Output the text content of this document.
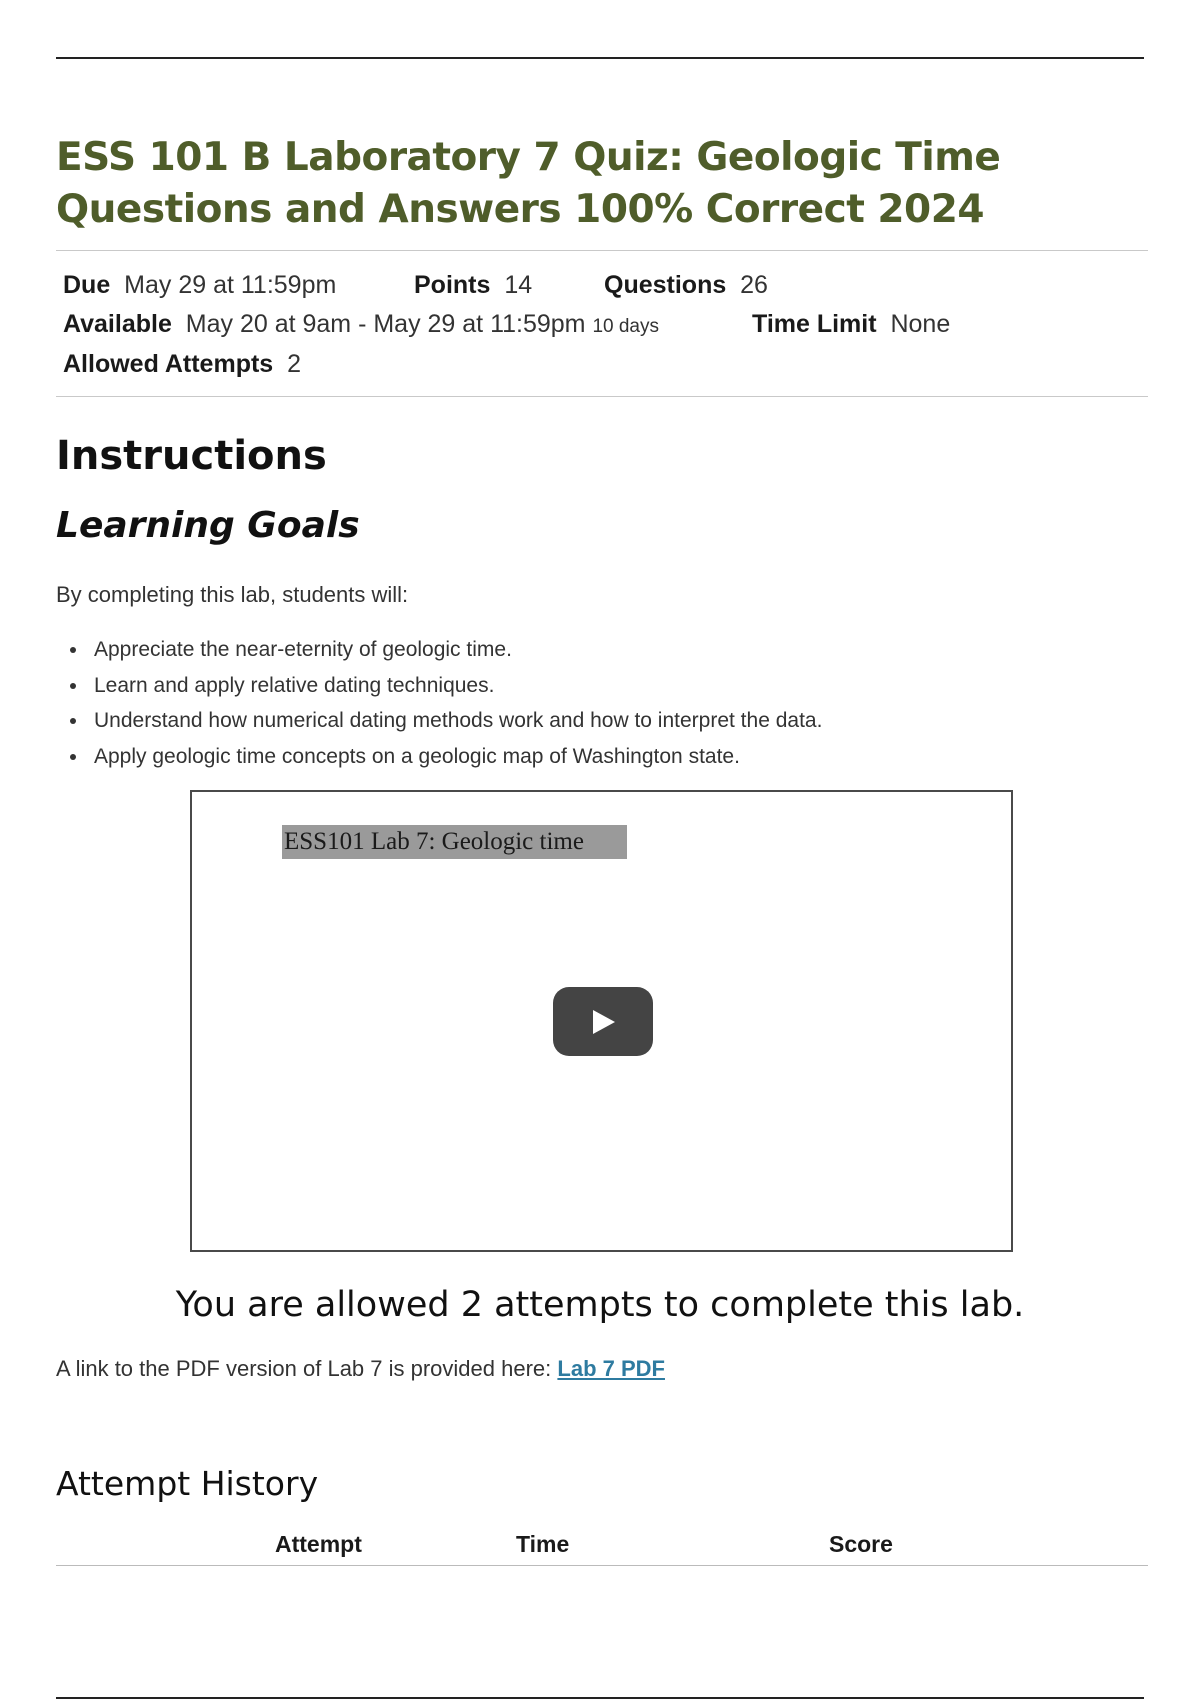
ESS 101 B Laboratory 7 Quiz: Geologic Time Questions and Answers 100% Correct 2024
Due May 29 at 11:59pm	Points 14	Questions 26
Available May 20 at 9am - May 29 at 11:59pm 10 days	Time Limit None
Allowed Attempts 2
Instructions
Learning Goals
By completing this lab, students will:
Appreciate the near-eternity of geologic time.
Learn and apply relative dating techniques.
Understand how numerical dating methods work and how to interpret the data.
Apply geologic time concepts on a geologic map of Washington state.
ESS101 Lab 7: Geologic time
You are allowed 2 attempts to complete this lab.
A link to the PDF version of Lab 7 is provided here: Lab 7 PDF
Attempt History
Attempt	Time	Score
